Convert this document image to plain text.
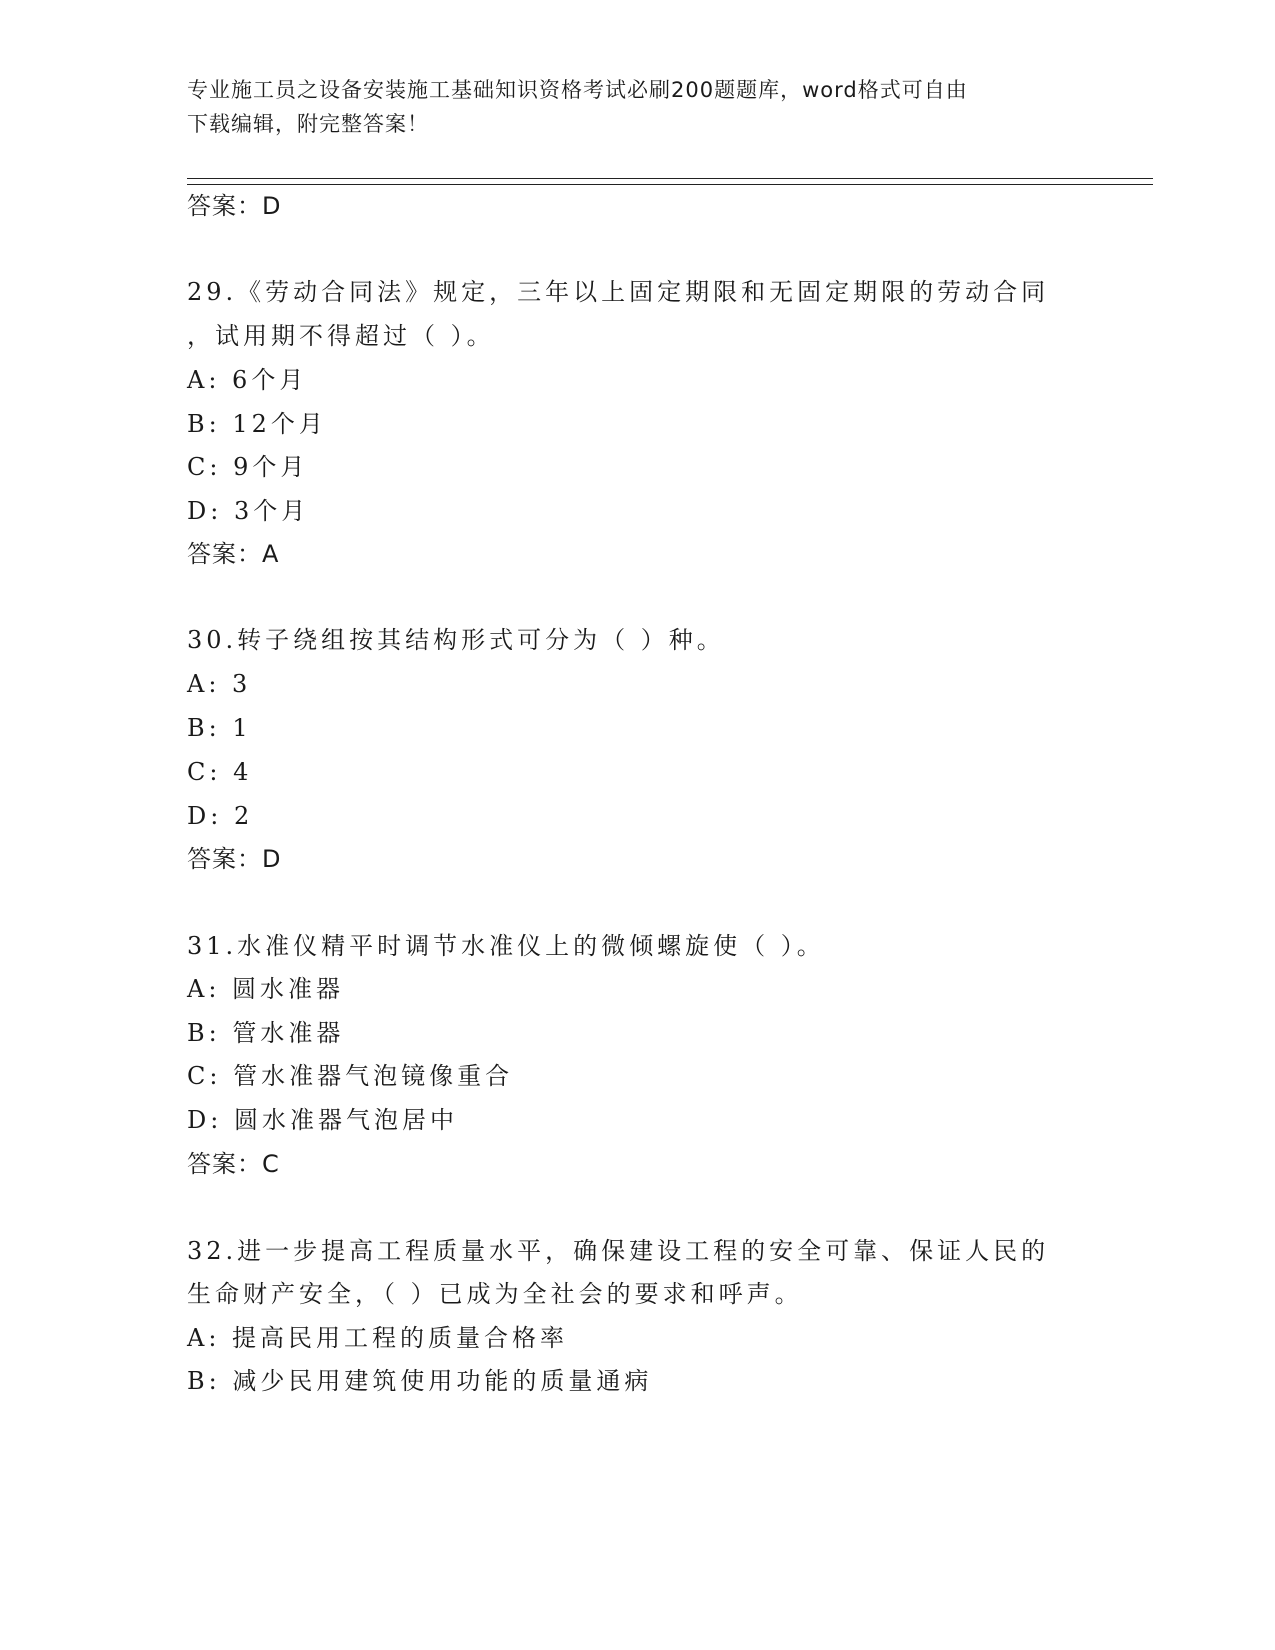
专业施工员之设备安装施工基础知识资格考试必刷200题题库，word格式可自由
下载编辑，附完整答案！
答案：D
29.《劳动合同法》规定，三年以上固定期限和无固定期限的劳动合同
，试用期不得超过（ ）。
A: 6个月
B: 12个月
C: 9个月
D: 3个月
答案：A
30.转子绕组按其结构形式可分为（ ）种。
A: 3
B: 1
C: 4
D: 2
答案：D
31.水准仪精平时调节水准仪上的微倾螺旋使（ ）。
A: 圆水准器
B: 管水准器
C: 管水准器气泡镜像重合
D: 圆水准器气泡居中
答案：C
32.进一步提高工程质量水平，确保建设工程的安全可靠、保证人民的
生命财产安全，（ ）已成为全社会的要求和呼声。
A: 提高民用工程的质量合格率
B: 减少民用建筑使用功能的质量通病
